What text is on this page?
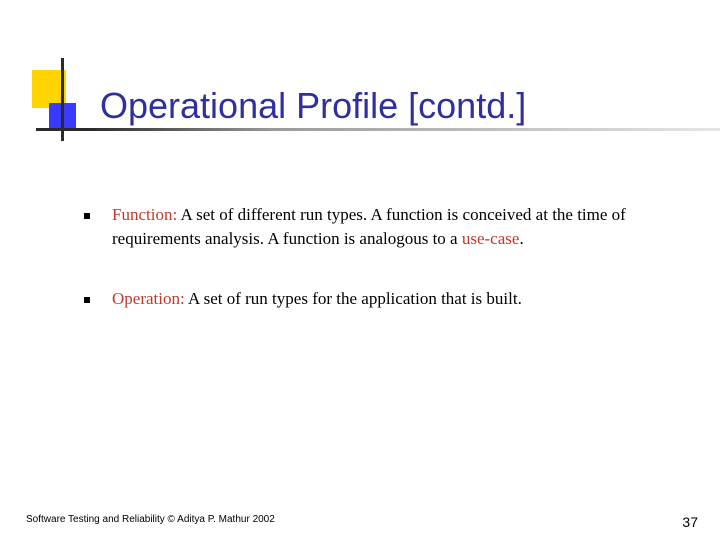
Operational Profile [contd.]
Function: A set of different run types. A function is conceived at the time of requirements analysis. A function is analogous to a use-case.
Operation: A set of run types for the application that is built.
Software Testing and Reliability © Aditya P. Mathur 2002	37
